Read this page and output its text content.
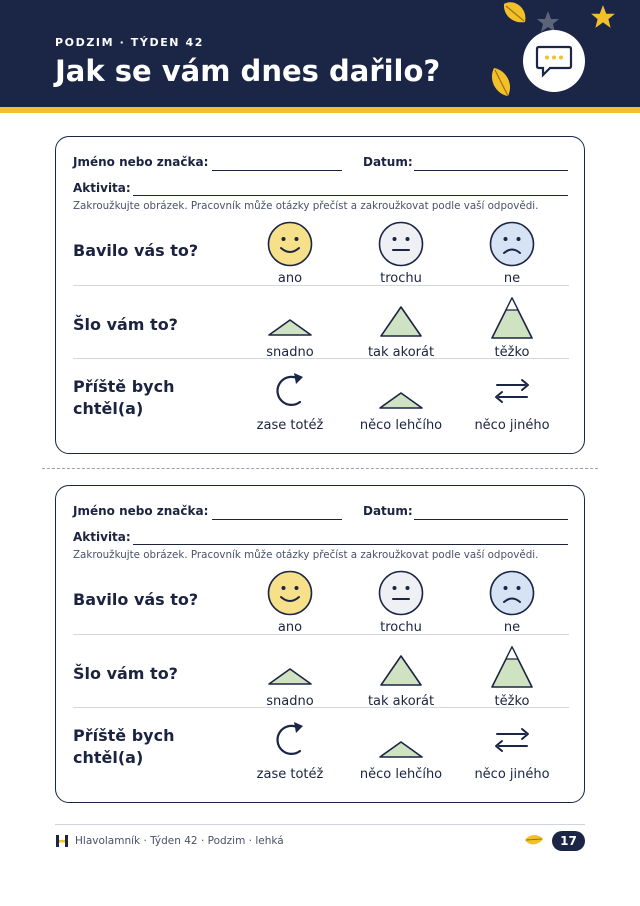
PODZIM · TÝDEN 42
Jak se vám dnes dařilo?
Jméno nebo značka:	Datum:
Aktivita:
Zakroužkujte obrázek. Pracovník může otázky přečíst a zakroužkovat podle vaší odpovědi.
Bavilo vás to?
ano	trochu	ne
Šlo vám to?
snadno	tak akorát	těžko
Příště bych chtěl(a)
zase totéž	něco lehčího	něco jiného
Jméno nebo značka:	Datum:
Aktivita:
Zakroužkujte obrázek. Pracovník může otázky přečíst a zakroužkovat podle vaší odpovědi.
Bavilo vás to?
ano	trochu	ne
Šlo vám to?
snadno	tak akorát	těžko
Příště bych chtěl(a)
zase totéž	něco lehčího	něco jiného
Hlavolamník · Týden 42 · Podzim · lehká	17
